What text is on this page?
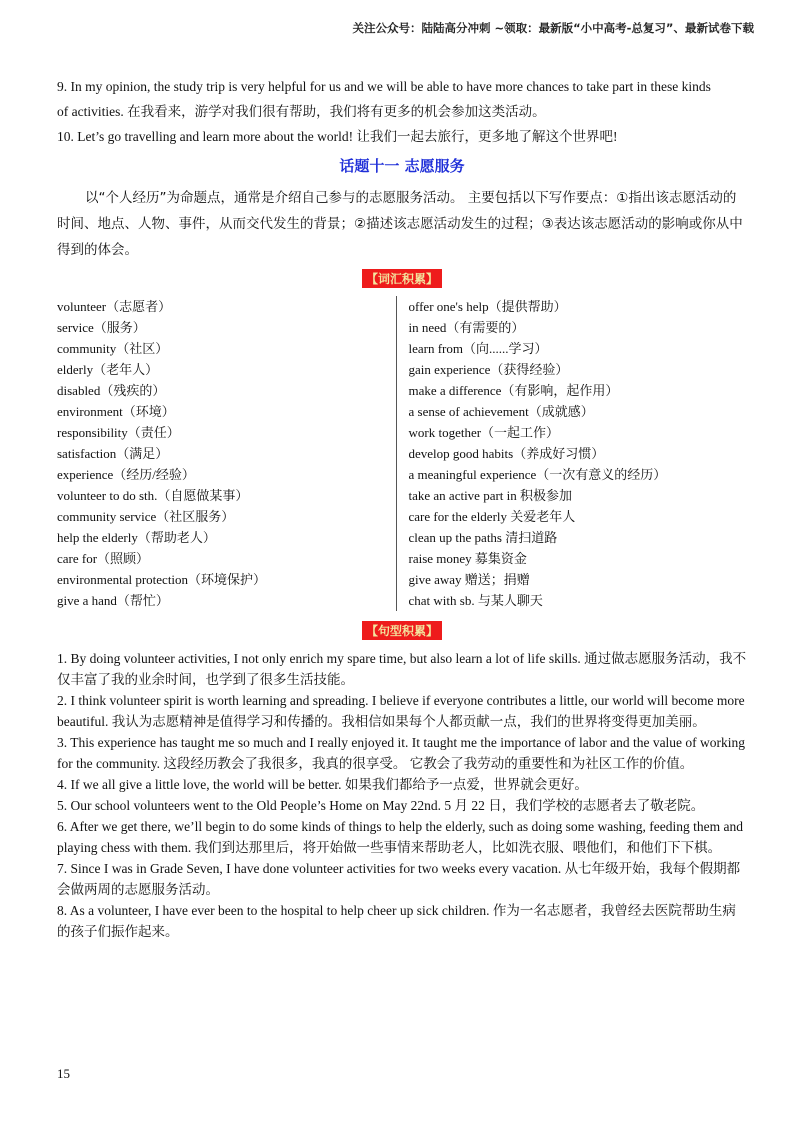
关注公众号：陆陆高分冲刺 ~领取：最新版“小中高考-总复习”、最新试卷下载
9. In my opinion, the study trip is very helpful for us and we will be able to have more chances to take part in these kinds
of activities. 在我看来，游学对我们很有帮助，我们将有更多的机会参加这类活动。
10. Let’s go travelling and learn more about the world! 让我们一起去旅行，更多地了解这个世界吧!
话题十一 志愿服务
以“个人经历”为命题点，通常是介绍自己参与的志愿服务活动。 主要包括以下写作要点：①指出该志愿活动的时间、地点、人物、事件，从而交代发生的背景；②描述该志愿活动发生的过程；③表达该志愿活动的影响或你从中得到的体会。
【词汇积累】
volunteer（志愿者）
service（服务）
community（社区）
elderly（老年人）
disabled（残疾的）
environment（环境）
responsibility（责任）
satisfaction（满足）
experience（经历/经验）
volunteer to do sth.（自愿做某事）
community service（社区服务）
help the elderly（帮助老人）
care for（照顾）
environmental protection（环境保护）
give a hand（帮忙）
offer one's help（提供帮助）
in need（有需要的）
learn from（向......学习）
gain experience（获得经验）
make a difference（有影响，起作用）
a sense of achievement（成就感）
work together（一起工作）
develop good habits（养成好习惯）
a meaningful experience（一次有意义的经历）
take an active part in 积极参加
care for the elderly 关爱老年人
clean up the paths 清扫道路
raise money 募集资金
give away 赠送；捐赠
chat with sb. 与某人聊天
【句型积累】

1. By doing volunteer activities, I not only enrich my spare time, but also learn a lot of life skills. 通过做志愿服务活动，我不仅丰富了我的业余时间，也学到了很多生活技能。

2. I think volunteer spirit is worth learning and spreading. I believe if everyone contributes a little, our world will become more beautiful. 我认为志愿精神是值得学习和传播的。我相信如果每个人都贡献一点，我们的世界将变得更加美丽。

3. This experience has taught me so much and I really enjoyed it. It taught me the importance of labor and the value of working for the community. 这段经历教会了我很多，我真的很享受。 它教会了我劳动的重要性和为社区工作的价值。

4. If we all give a little love, the world will be better. 如果我们都给予一点爱，世界就会更好。

5. Our school volunteers went to the Old People’s Home on May 22nd. 5 月 22 日，我们学校的志愿者去了敬老院。

6. After we get there, we’ll begin to do some kinds of things to help the elderly, such as doing some washing, feeding them and playing chess with them. 我们到达那里后，将开始做一些事情来帮助老人，比如洗衣服、喂他们，和他们下下棋。

7. Since I was in Grade Seven, I have done volunteer activities for two weeks every vacation. 从七年级开始，我每个假期都会做两周的志愿服务活动。

8. As a volunteer, I have ever been to the hospital to help cheer up sick children. 作为一名志愿者，我曾经去医院帮助生病的孩子们振作起来。

15
